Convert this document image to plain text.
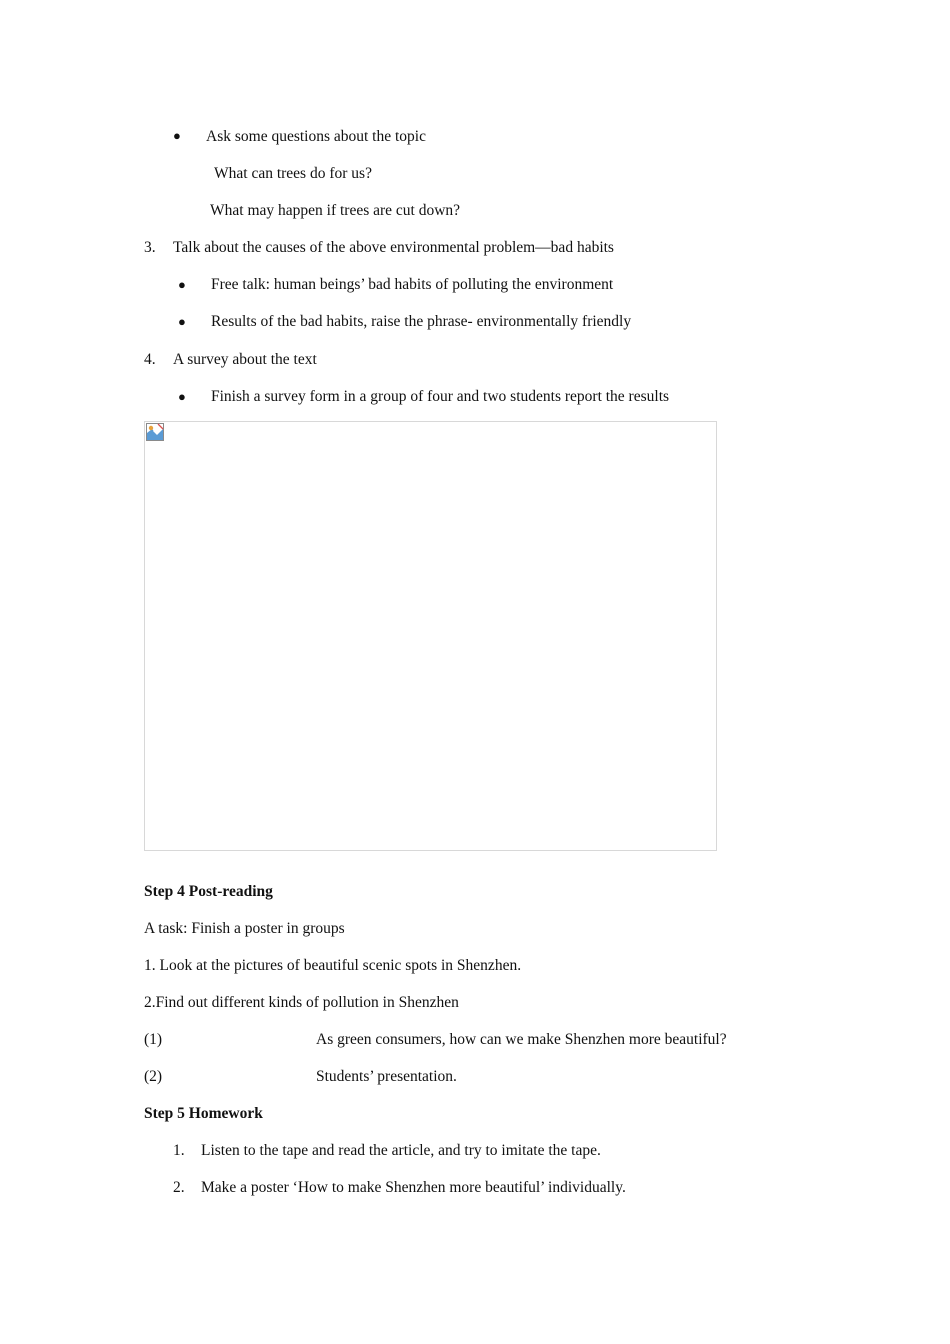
● Ask some questions about the topic
What can trees do for us?
What may happen if trees are cut down?
3. Talk about the causes of the above environmental problem—bad habits
● Free talk: human beings’ bad habits of polluting the environment
● Results of the bad habits, raise the phrase- environmentally friendly
4. A survey about the text
● Finish a survey form in a group of four and two students report the results
Step 4 Post-reading
A task: Finish a poster in groups
1. Look at the pictures of beautiful scenic spots in Shenzhen.
2.Find out different kinds of pollution in Shenzhen
(1)	As green consumers, how can we make Shenzhen more beautiful?
(2)	Students’ presentation.
Step 5 Homework
1. Listen to the tape and read the article, and try to imitate the tape.
2. Make a poster ‘How to make Shenzhen more beautiful’ individually.
